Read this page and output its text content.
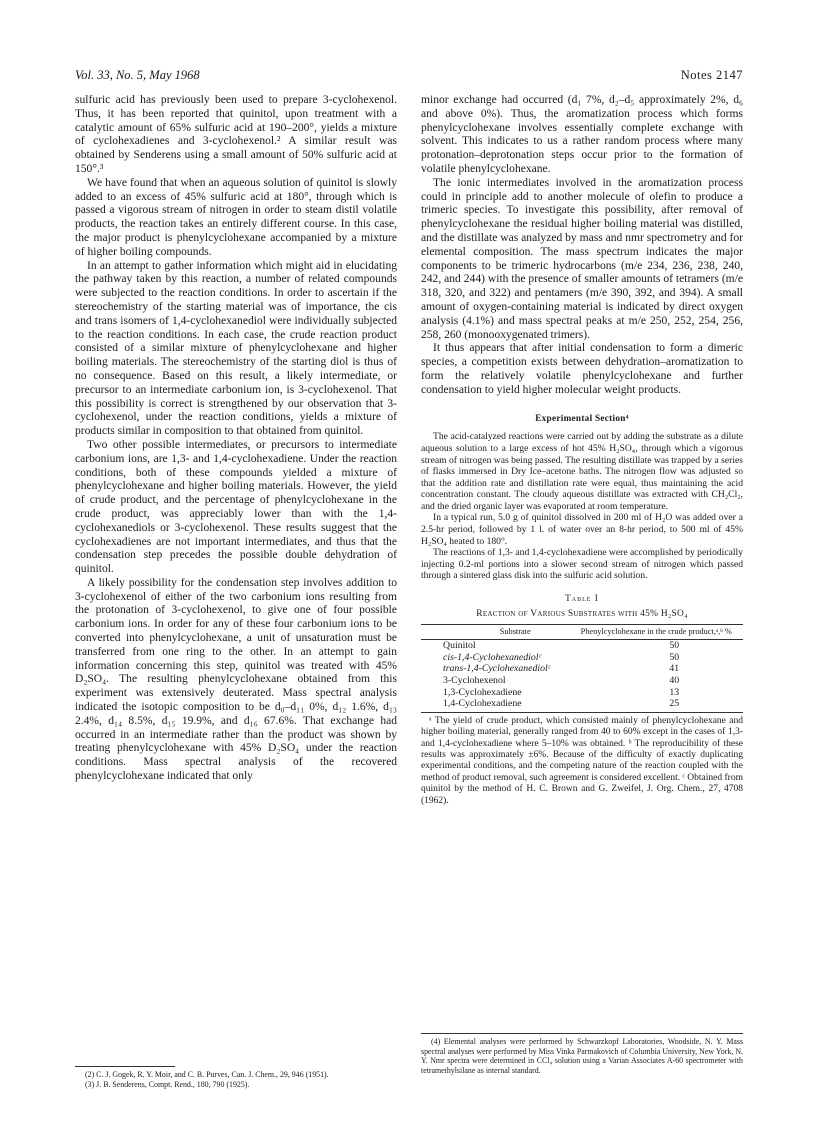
Vol. 33, No. 5, May 1968	Notes 2147

sulfuric acid has previously been used to prepare 3-cyclohexenol. Thus, it has been reported that quinitol, upon treatment with a catalytic amount of 65% sulfuric acid at 190–200°, yields a mixture of cyclohexadienes and 3-cyclohexenol.² A similar result was obtained by Senderens using a small amount of 50% sulfuric acid at 150°.³

We have found that when an aqueous solution of quinitol is slowly added to an excess of 45% sulfuric acid at 180°, through which is passed a vigorous stream of nitrogen in order to steam distil volatile products, the reaction takes an entirely different course. In this case, the major product is phenylcyclohexane accompanied by a mixture of higher boiling compounds.

In an attempt to gather information which might aid in elucidating the pathway taken by this reaction, a number of related compounds were subjected to the reaction conditions. In order to ascertain if the stereochemistry of the starting material was of importance, the cis and trans isomers of 1,4-cyclohexanediol were individually subjected to the reaction conditions. In each case, the crude reaction product consisted of a similar mixture of phenylcyclohexane and higher boiling materials. The stereochemistry of the starting diol is thus of no consequence. Based on this result, a likely intermediate, or precursor to an intermediate carbonium ion, is 3-cyclohexenol. That this possibility is correct is strengthened by our observation that 3-cyclohexenol, under the reaction conditions, yields a mixture of products similar in composition to that obtained from quinitol.

Two other possible intermediates, or precursors to intermediate carbonium ions, are 1,3- and 1,4-cyclohexadiene. Under the reaction conditions, both of these compounds yielded a mixture of phenylcyclohexane and higher boiling materials. However, the yield of crude product, and the percentage of phenylcyclohexane in the crude product, was appreciably lower than with the 1,4-cyclohexanediols or 3-cyclohexenol. These results suggest that the cyclohexadienes are not important intermediates, and thus that the condensation step precedes the possible double dehydration of quinitol.

A likely possibility for the condensation step involves addition to 3-cyclohexenol of either of the two carbonium ions resulting from the protonation of 3-cyclohexenol, to give one of four possible carbonium ions. In order for any of these four carbonium ions to be converted into phenylcyclohexane, a unit of unsaturation must be transferred from one ring to the other. In an attempt to gain information concerning this step, quinitol was treated with 45% D₂SO₄. The resulting phenylcyclohexane obtained from this experiment was extensively deuterated. Mass spectral analysis indicated the isotopic composition to be d₀–d₁₁ 0%, d₁₂ 1.6%, d₁₃ 2.4%, d₁₄ 8.5%, d₁₅ 19.9%, and d₁₆ 67.6%. That exchange had occurred in an intermediate rather than the product was shown by treating phenylcyclohexane with 45% D₂SO₄ under the reaction conditions. Mass spectral analysis of the recovered phenylcyclohexane indicated that only

(2) C. J. Gogek, R. Y. Moir, and C. B. Purves, Can. J. Chem., 29, 946 (1951).

(3) J. B. Senderens, Compt. Rend., 180, 790 (1925).

minor exchange had occurred (d₁ 7%, d₂–d₅ approximately 2%, d₆ and above 0%). Thus, the aromatization process which forms phenylcyclohexane involves essentially complete exchange with solvent. This indicates to us a rather random process where many protonation–deprotonation steps occur prior to the formation of volatile phenylcyclohexane.

The ionic intermediates involved in the aromatization process could in principle add to another molecule of olefin to produce a trimeric species. To investigate this possibility, after removal of phenylcyclohexane the residual higher boiling material was distilled, and the distillate was analyzed by mass and nmr spectrometry and for elemental composition. The mass spectrum indicates the major components to be trimeric hydrocarbons (m/e 234, 236, 238, 240, 242, and 244) with the presence of smaller amounts of tetramers (m/e 318, 320, and 322) and pentamers (m/e 390, 392, and 394). A small amount of oxygen-containing material is indicated by direct oxygen analysis (4.1%) and mass spectral peaks at m/e 250, 252, 254, 256, 258, 260 (monooxygenated trimers).

It thus appears that after initial condensation to form a dimeric species, a competition exists between dehydration–aromatization to form the relatively volatile phenylcyclohexane and further condensation to yield higher molecular weight products.

Experimental Section⁴

The acid-catalyzed reactions were carried out by adding the substrate as a dilute aqueous solution to a large excess of hot 45% H₂SO₄, through which a vigorous stream of nitrogen was being passed. The resulting distillate was trapped by a series of flasks immersed in Dry Ice–acetone baths. The nitrogen flow was adjusted so that the addition rate and distillation rate were equal, thus maintaining the acid concentration constant. The cloudy aqueous distillate was extracted with CH₂Cl₂, and the dried organic layer was evaporated at room temperature.

In a typical run, 5.0 g of quinitol dissolved in 200 ml of H₂O was added over a 2.5-hr period, followed by 1 l. of water over an 8-hr period, to 500 ml of 45% H₂SO₄ heated to 180°.

The reactions of 1,3- and 1,4-cyclohexadiene were accomplished by periodically injecting 0.2-ml portions into a slower second stream of nitrogen which passed through a sintered glass disk into the sulfuric acid solution.

Table I
Reaction of Various Substrates with 45% H₂SO₄
Substrate	Phenylcyclohexane in the crude product,ᵃ,ᵇ %
Quinitol	50
cis-1,4-Cyclohexanediolᶜ	50
trans-1,4-Cyclohexanediolᶜ	41
3-Cyclohexenol	40
1,3-Cyclohexadiene	13
1,4-Cyclohexadiene	25
ᵃ The yield of crude product, which consisted mainly of phenylcyclohexane and higher boiling material, generally ranged from 40 to 60% except in the cases of 1,3- and 1,4-cyclohexadiene where 5–10% was obtained. ᵇ The reproducibility of these results was approximately ±6%. Because of the difficulty of exactly duplicating experimental conditions, and the competing nature of the reaction coupled with the method of product removal, such agreement is considered excellent. ᶜ Obtained from quinitol by the method of H. C. Brown and G. Zweifel, J. Org. Chem., 27, 4708 (1962).

(4) Elemental analyses were performed by Schwarzkopf Laboratories, Woodside, N. Y. Mass spectral analyses were performed by Miss Vinka Parmakovich of Columbia University, New York, N. Y. Nmr spectra were determined in CCl₄ solution using a Varian Associates A-60 spectrometer with tetramethylsilane as internal standard.
